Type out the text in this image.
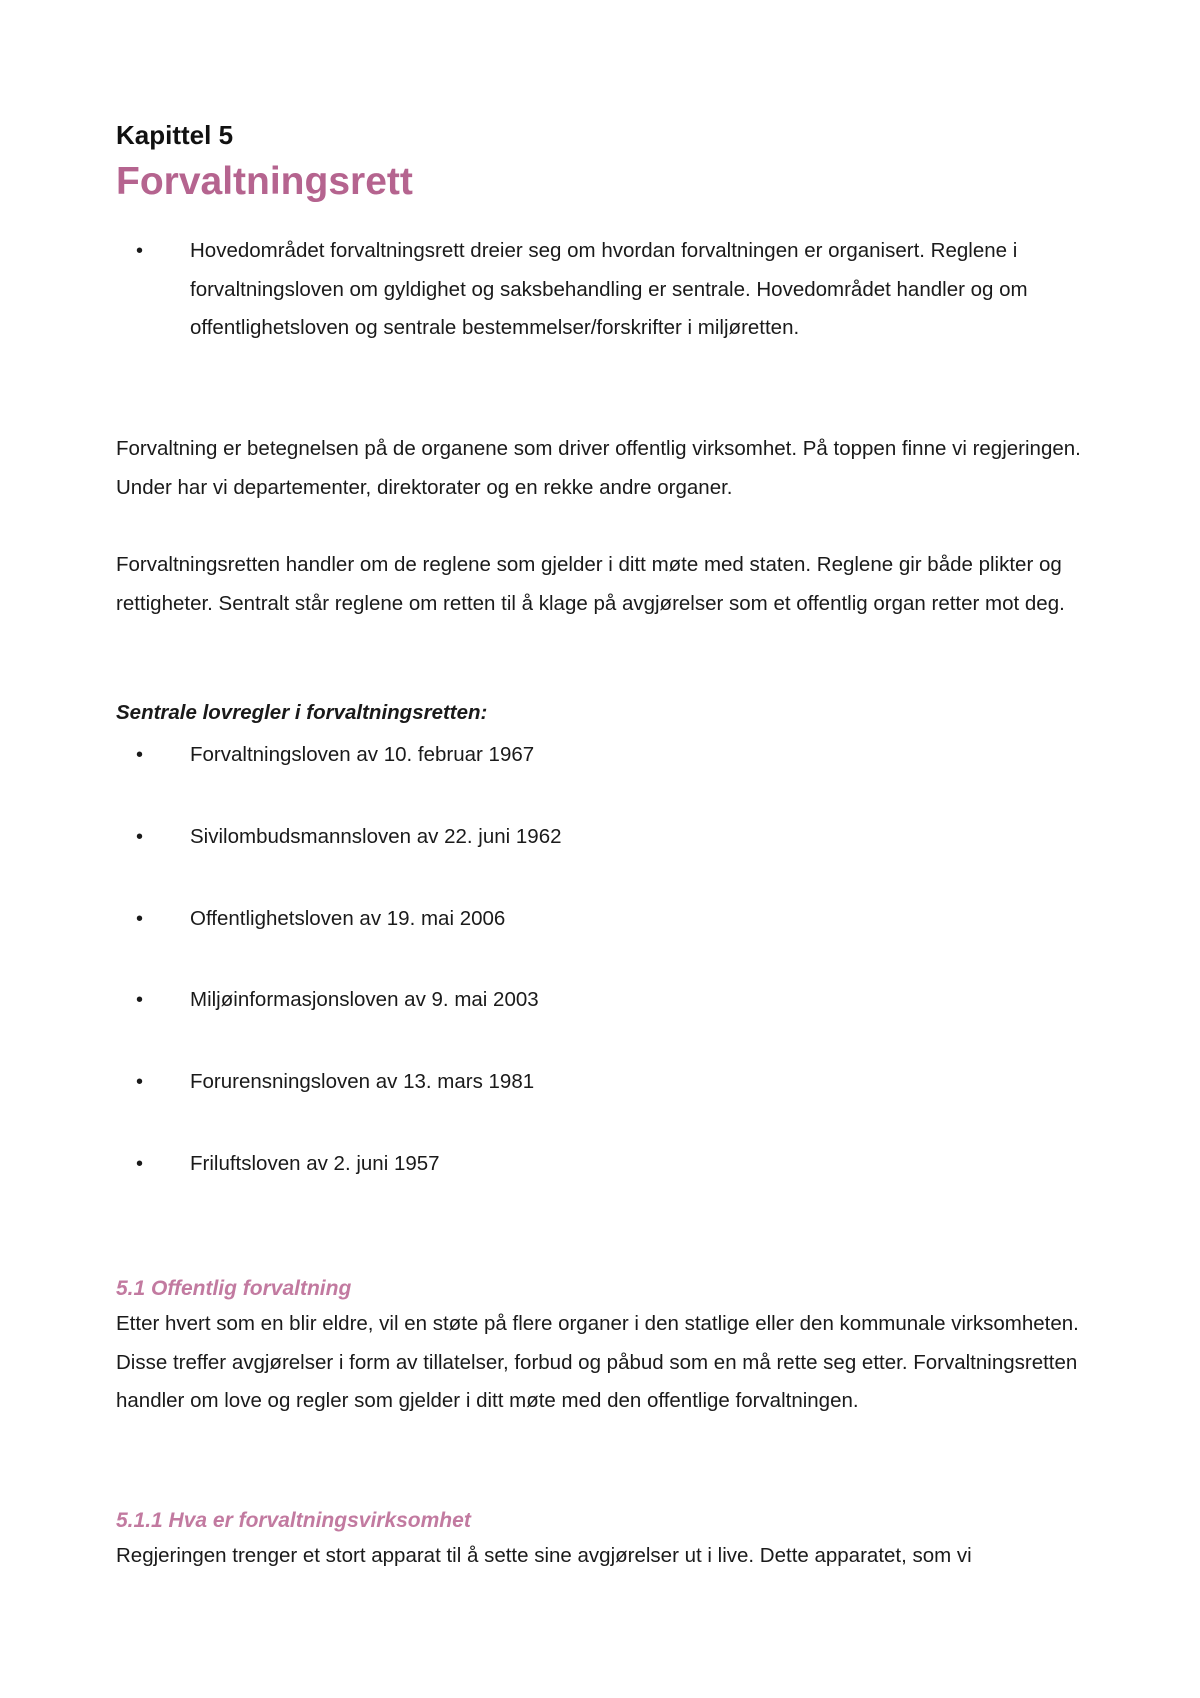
Kapittel 5
Forvaltningsrett
• Hovedområdet forvaltningsrett dreier seg om hvordan forvaltningen er organisert. Reglene i forvaltningsloven om gyldighet og saksbehandling er sentrale. Hovedområdet handler og om offentlighetsloven og sentrale bestemmelser/forskrifter i miljøretten.

Forvaltning er betegnelsen på de organene som driver offentlig virksomhet. På toppen finne vi regjeringen. Under har vi departementer, direktorater og en rekke andre organer.

Forvaltningsretten handler om de reglene som gjelder i ditt møte med staten. Reglene gir både plikter og rettigheter. Sentralt står reglene om retten til å klage på avgjørelser som et offentlig organ retter mot deg.

Sentrale lovregler i forvaltningsretten:
• Forvaltningsloven av 10. februar 1967
• Sivilombudsmannsloven av 22. juni 1962
• Offentlighetsloven av 19. mai 2006
• Miljøinformasjonsloven av 9. mai 2003
• Forurensningsloven av 13. mars 1981
• Friluftsloven av 2. juni 1957
5.1 Offentlig forvaltning

Etter hvert som en blir eldre, vil en støte på flere organer i den statlige eller den kommunale virksomheten. Disse treffer avgjørelser i form av tillatelser, forbud og påbud som en må rette seg etter. Forvaltningsretten handler om love og regler som gjelder i ditt møte med den offentlige forvaltningen.

5.1.1 Hva er forvaltningsvirksomhet

Regjeringen trenger et stort apparat til å sette sine avgjørelser ut i live. Dette apparatet, som vi
